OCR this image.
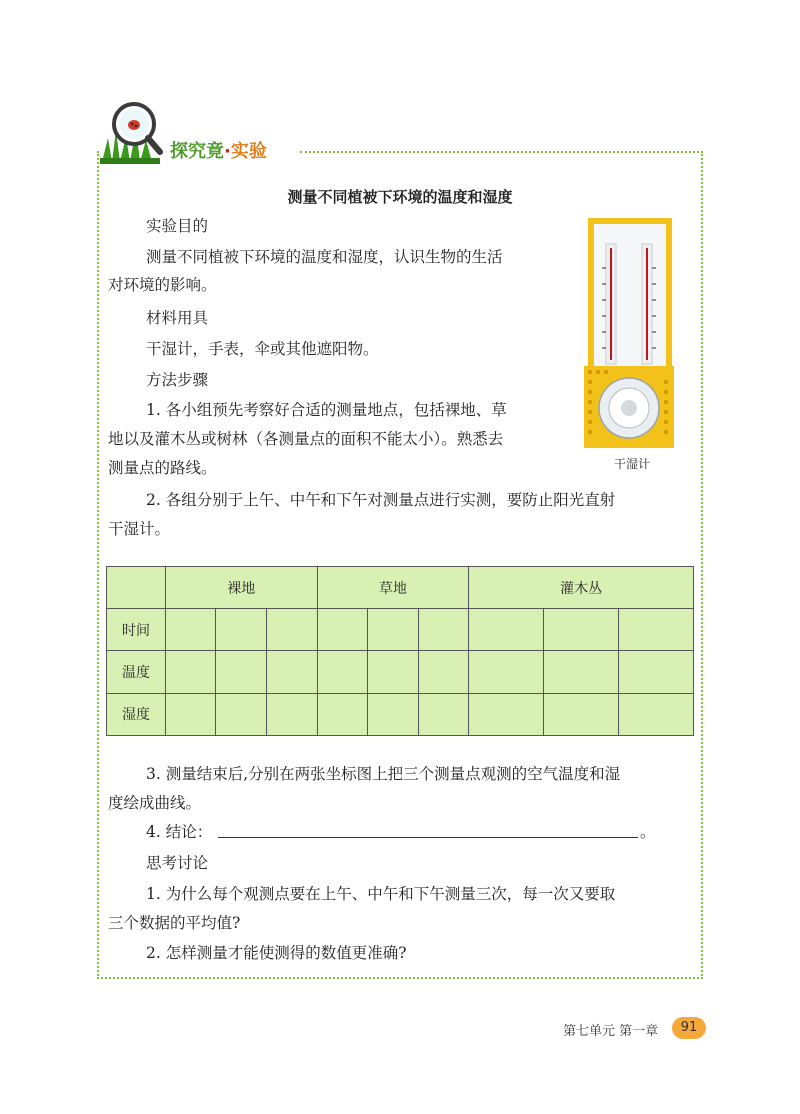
探究竟·实验
测量不同植被下环境的温度和湿度
实验目的
测量不同植被下环境的温度和湿度，认识生物的生活
对环境的影响。
材料用具
干湿计，手表，伞或其他遮阳物。
方法步骤
1. 各小组预先考察好合适的测量地点，包括裸地、草
地以及灌木丛或树林（各测量点的面积不能太小）。熟悉去
测量点的路线。
2. 各组分别于上午、中午和下午对测量点进行实测，要防止阳光直射
干湿计。
干湿计
	裸地			草地			灌木丛		
时间									
温度									
湿度									
3. 测量结束后,分别在两张坐标图上把三个测量点观测的空气温度和湿
度绘成曲线。
4. 结论：	。
思考讨论
1. 为什么每个观测点要在上午、中午和下午测量三次，每一次又要取
三个数据的平均值?
2. 怎样测量才能使测得的数值更准确?
第七单元 第一章	91
